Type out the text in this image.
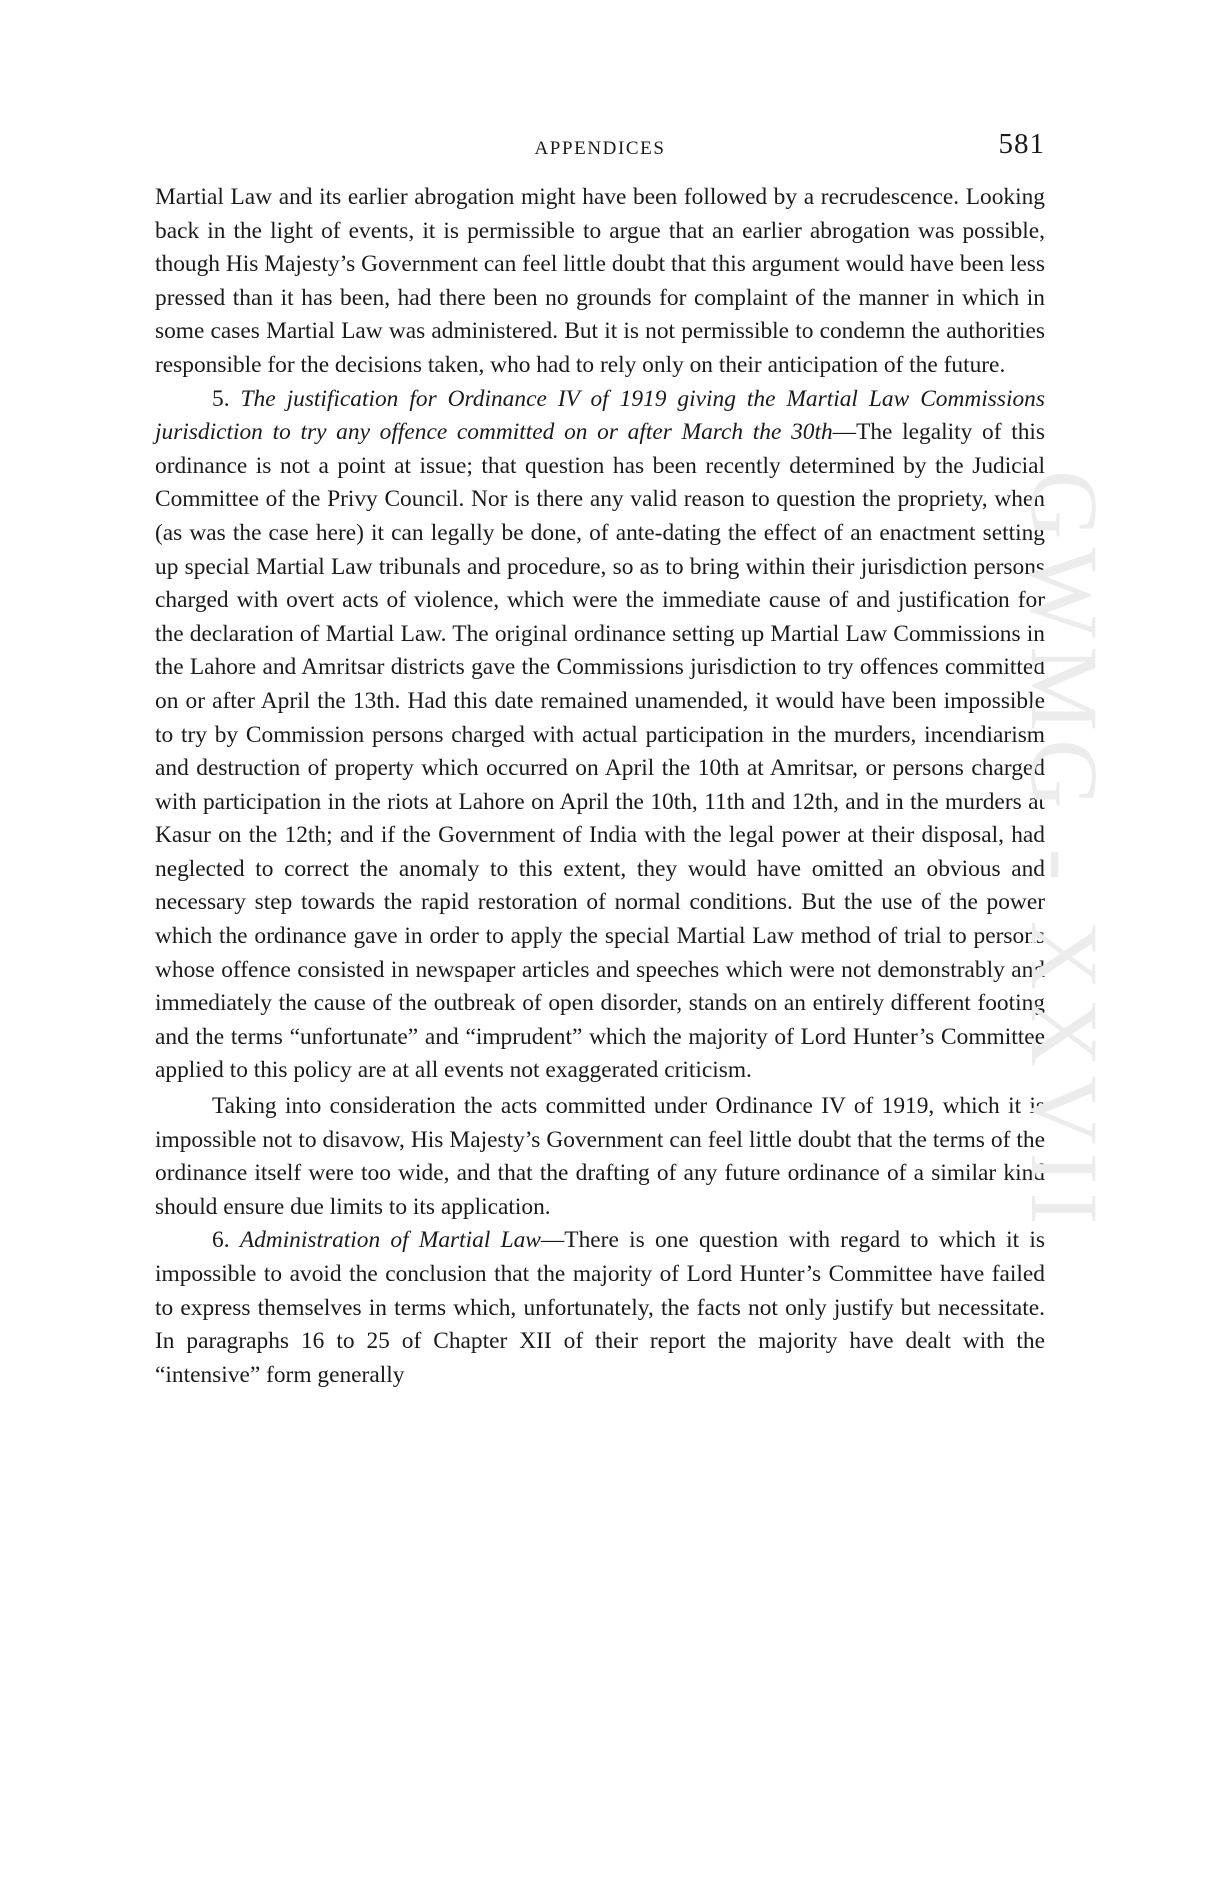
APPENDICES	581

Martial Law and its earlier abrogation might have been followed by a recrudescence. Looking back in the light of events, it is permissible to argue that an earlier abrogation was possible, though His Majesty’s Government can feel little doubt that this argument would have been less pressed than it has been, had there been no grounds for complaint of the manner in which in some cases Martial Law was administered. But it is not permissible to condemn the authorities responsible for the decisions taken, who had to rely only on their anticipation of the future.

5. The justification for Ordinance IV of 1919 giving the Martial Law Commissions jurisdiction to try any offence committed on or after March the 30th—The legality of this ordinance is not a point at issue; that question has been recently determined by the Judicial Committee of the Privy Council. Nor is there any valid reason to question the propriety, when (as was the case here) it can legally be done, of ante-dating the effect of an enactment setting up special Martial Law tribunals and procedure, so as to bring within their jurisdiction persons charged with overt acts of violence, which were the immediate cause of and justification for the declaration of Martial Law. The original ordinance setting up Martial Law Commissions in the Lahore and Amritsar districts gave the Commissions jurisdiction to try offences committed on or after April the 13th. Had this date remained unamended, it would have been impossible to try by Commission persons charged with actual participation in the murders, incendiarism and destruction of property which occurred on April the 10th at Amritsar, or persons charged with participation in the riots at Lahore on April the 10th, 11th and 12th, and in the murders at Kasur on the 12th; and if the Government of India with the legal power at their disposal, had neglected to correct the anomaly to this extent, they would have omitted an obvious and necessary step towards the rapid restoration of normal conditions. But the use of the power which the ordinance gave in order to apply the special Martial Law method of trial to persons whose offence consisted in newspaper articles and speeches which were not demonstrably and immediately the cause of the outbreak of open disorder, stands on an entirely different footing and the terms “unfortunate” and “imprudent” which the majority of Lord Hunter’s Committee applied to this policy are at all events not exaggerated criticism.

Taking into consideration the acts committed under Ordinance IV of 1919, which it is impossible not to disavow, His Majesty’s Government can feel little doubt that the terms of the ordinance itself were too wide, and that the drafting of any future ordinance of a similar kind should ensure due limits to its application.

6. Administration of Martial Law—There is one question with regard to which it is impossible to avoid the conclusion that the majority of Lord Hunter’s Committee have failed to express themselves in terms which, unfortunately, the facts not only justify but necessitate. In paragraphs 16 to 25 of Chapter XII of their report the majority have dealt with the “intensive” form generally

GWMG - XXVII
